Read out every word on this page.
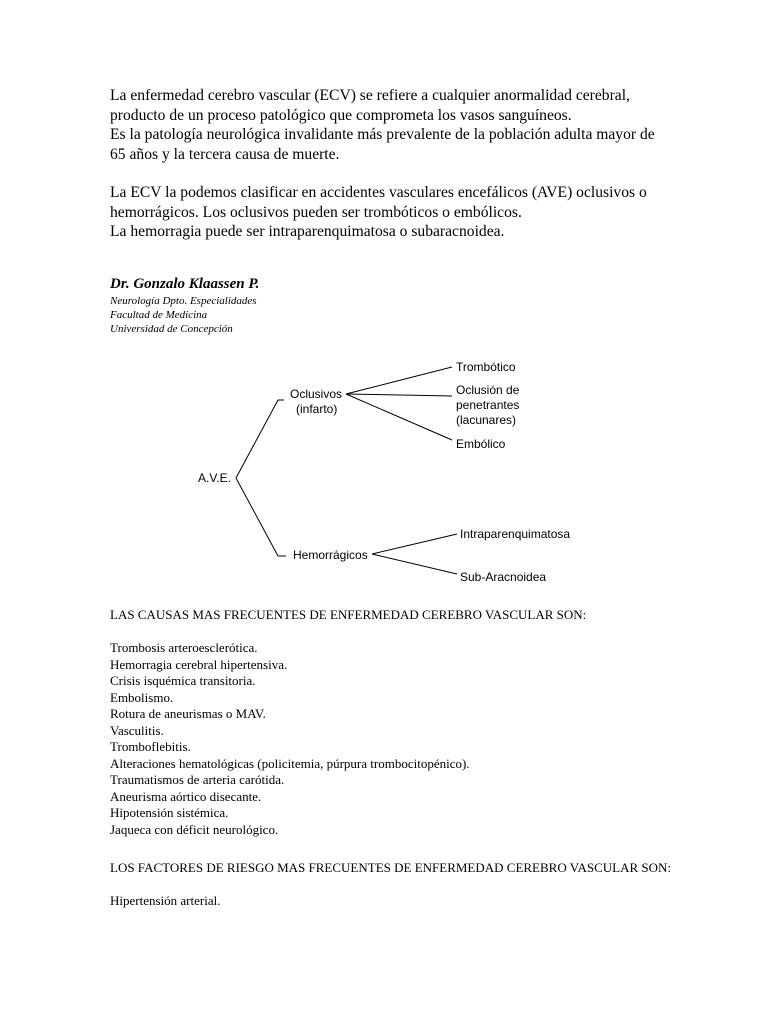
La enfermedad cerebro vascular (ECV) se refiere a cualquier anormalidad cerebral, producto de un proceso patológico que comprometa los vasos sanguíneos.

Es la patología neurológica invalidante más prevalente de la población adulta mayor de 65 años y la tercera causa de muerte.

La ECV la podemos clasificar en accidentes vasculares encefálicos (AVE) oclusivos o hemorrágicos. Los oclusivos pueden ser trombóticos o embólicos.

La hemorragia puede ser intraparenquimatosa o subaracnoidea.

Dr. Gonzalo Klaassen P.
Neurología Dpto. Especialidades
Facultad de Medicina
Universidad de Concepción
A.V.E.
Oclusivos
(infarto)
Hemorrágicos
Trombótico
Oclusión de
penetrantes
(lacunares)
Embólico
Intraparenquimatosa
Sub-Aracnoidea

LAS CAUSAS MAS FRECUENTES DE ENFERMEDAD CEREBRO VASCULAR SON:

Trombosis arteroesclerótica.
Hemorragia cerebral hipertensiva.
Crisis isquémica transitoria.
Embolismo.
Rotura de aneurismas o MAV.
Vasculitis.
Tromboflebitis.
Alteraciones hematológicas (policitemia, púrpura trombocitopénico).
Traumatismos de arteria carótida.
Aneurisma aórtico disecante.
Hipotensión sistémica.
Jaqueca con déficit neurológico.

LOS FACTORES DE RIESGO MAS FRECUENTES DE ENFERMEDAD CEREBRO VASCULAR SON:

Hipertensión arterial.
